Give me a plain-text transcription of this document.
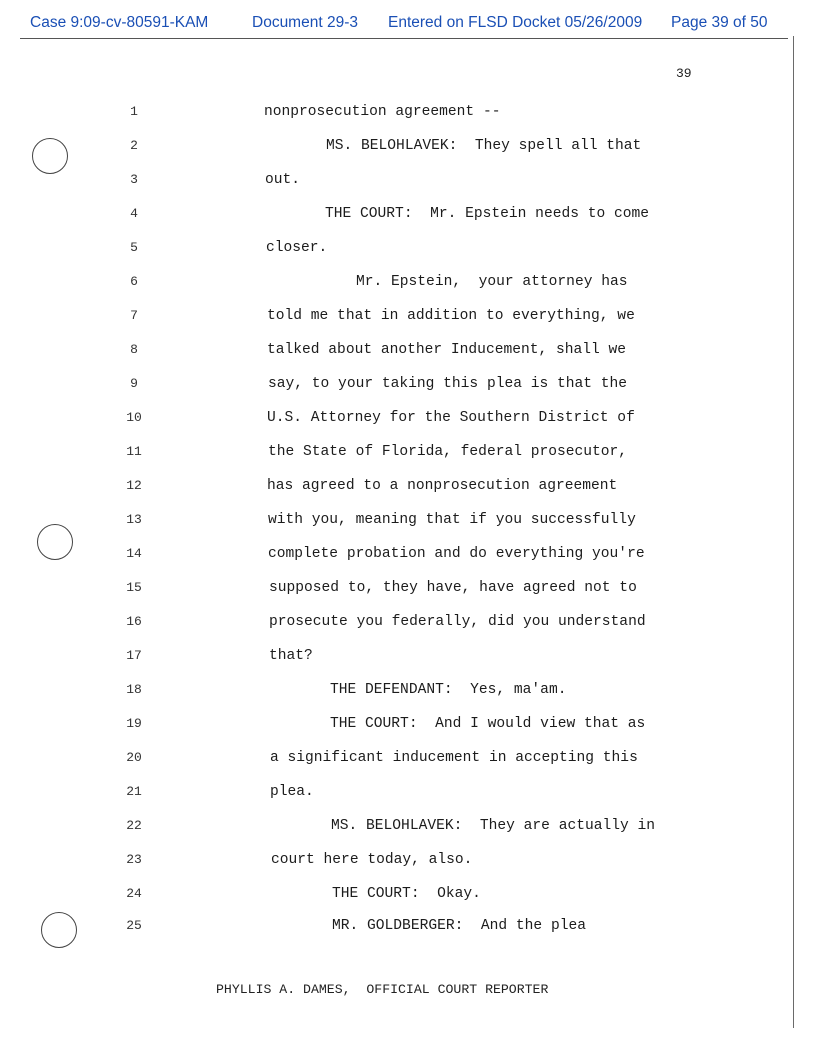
Case 9:09-cv-80591-KAM	Document 29-3 Entered on FLSD Docket 05/26/2009 Page 39 of 50
39
1	nonprosecution agreement --
2	MS. BELOHLAVEK:  They spell all that
3	out.
4	THE COURT:  Mr. Epstein needs to come
5	closer.
6	Mr. Epstein,  your attorney has
7	told me that in addition to everything, we
8	talked about another Inducement, shall we
9	say, to your taking this plea is that the
10	U.S. Attorney for the Southern District of
11	the State of Florida, federal prosecutor,
12	has agreed to a nonprosecution agreement
13	with you, meaning that if you successfully
14	complete probation and do everything you're
15	supposed to, they have, have agreed not to
16	prosecute you federally, did you understand
17	that?
18	THE DEFENDANT:  Yes, ma'am.
19	THE COURT:  And I would view that as
20	a significant inducement in accepting this
21	plea.
22	MS. BELOHLAVEK:  They are actually in
23	court here today, also.
24	THE COURT:  Okay.
25	MR. GOLDBERGER:  And the plea
PHYLLIS A. DAMES,  OFFICIAL COURT REPORTER
